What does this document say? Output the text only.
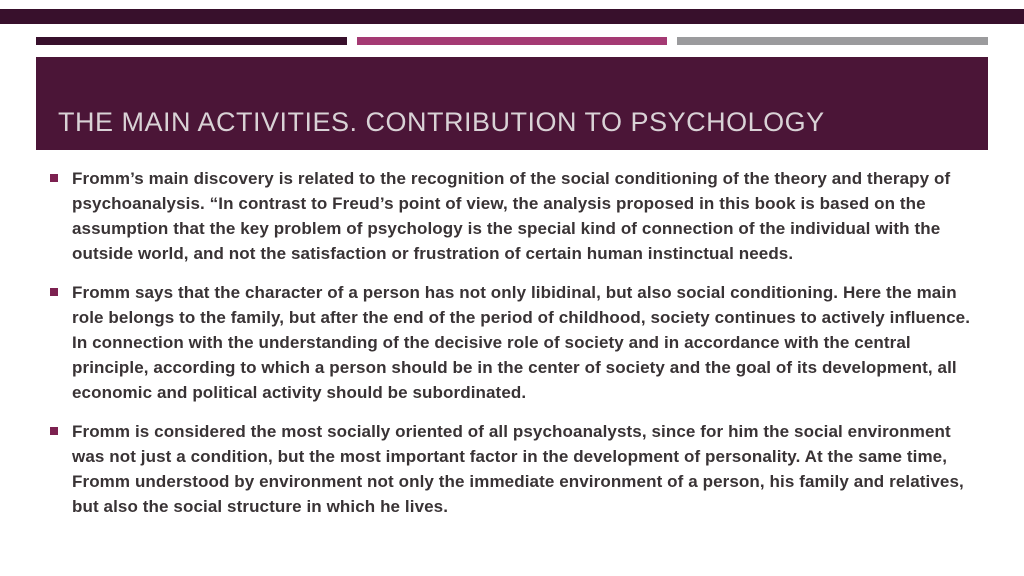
THE MAIN ACTIVITIES. CONTRIBUTION TO PSYCHOLOGY
Fromm’s main discovery is related to the recognition of the social conditioning of the theory and therapy of psychoanalysis. “In contrast to Freud’s point of view, the analysis proposed in this book is based on the assumption that the key problem of psychology is the special kind of connection of the individual with the outside world, and not the satisfaction or frustration of certain human instinctual needs.
Fromm says that the character of a person has not only libidinal, but also social conditioning. Here the main role belongs to the family, but after the end of the period of childhood, society continues to actively influence. In connection with the understanding of the decisive role of society and in accordance with the central principle, according to which a person should be in the center of society and the goal of its development, all economic and political activity should be subordinated.
Fromm is considered the most socially oriented of all psychoanalysts, since for him the social environment was not just a condition, but the most important factor in the development of personality. At the same time, Fromm understood by environment not only the immediate environment of a person, his family and relatives, but also the social structure in which he lives.
